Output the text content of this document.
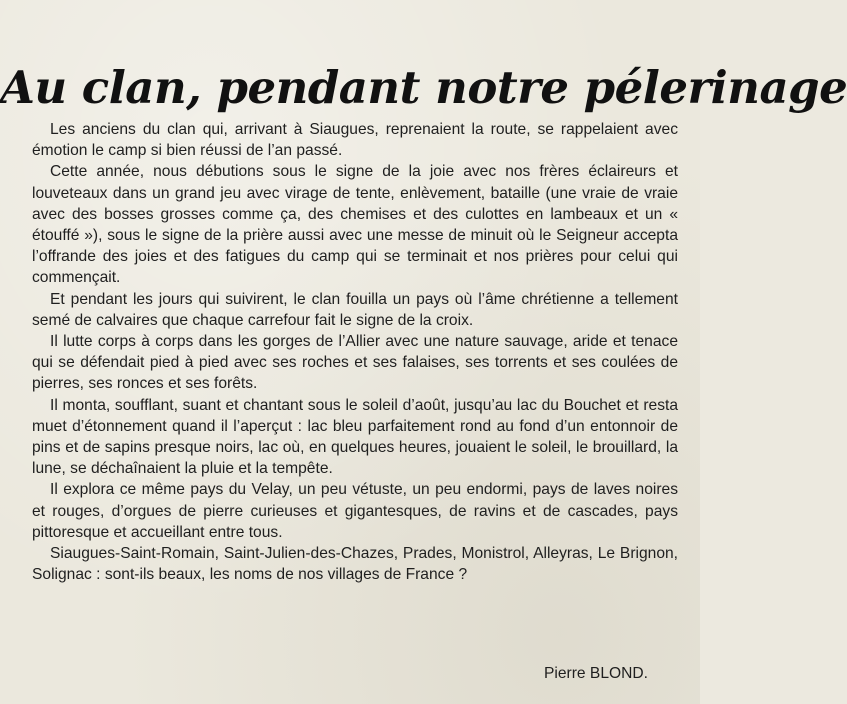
Au clan, pendant notre pélerinage

Les anciens du clan qui, arrivant à Siaugues, reprenaient la route, se rappelaient avec émotion le camp si bien réussi de l’an passé.

Cette année, nous débutions sous le signe de la joie avec nos frères éclaireurs et louveteaux dans un grand jeu avec virage de tente, enlèvement, bataille (une vraie de vraie avec des bosses grosses comme ça, des chemises et des culottes en lambeaux et un « étouffé »), sous le signe de la prière aussi avec une messe de minuit où le Seigneur accepta l’offrande des joies et des fatigues du camp qui se terminait et nos prières pour celui qui commençait.

Et pendant les jours qui suivirent, le clan fouilla un pays où l’âme chrétienne a tellement semé de calvaires que chaque carrefour fait le signe de la croix.

Il lutte corps à corps dans les gorges de l’Allier avec une nature sauvage, aride et tenace qui se défendait pied à pied avec ses roches et ses falaises, ses torrents et ses coulées de pierres, ses ronces et ses forêts.

Il monta, soufflant, suant et chantant sous le soleil d’août, jusqu’au lac du Bouchet et resta muet d’étonnement quand il l’aperçut : lac bleu parfaitement rond au fond d’un entonnoir de pins et de sapins presque noirs, lac où, en quelques heures, jouaient le soleil, le brouillard, la lune, se déchaînaient la pluie et la tempête.

Il explora ce même pays du Velay, un peu vétuste, un peu endormi, pays de laves noires et rouges, d’orgues de pierre curieuses et gigantesques, de ravins et de cascades, pays pittoresque et accueillant entre tous.

Siaugues-Saint-Romain, Saint-Julien-des-Chazes, Prades, Monistrol, Alleyras, Le Brignon, Solignac : sont-ils beaux, les noms de nos villages de France ?

Pierre BLOND.
